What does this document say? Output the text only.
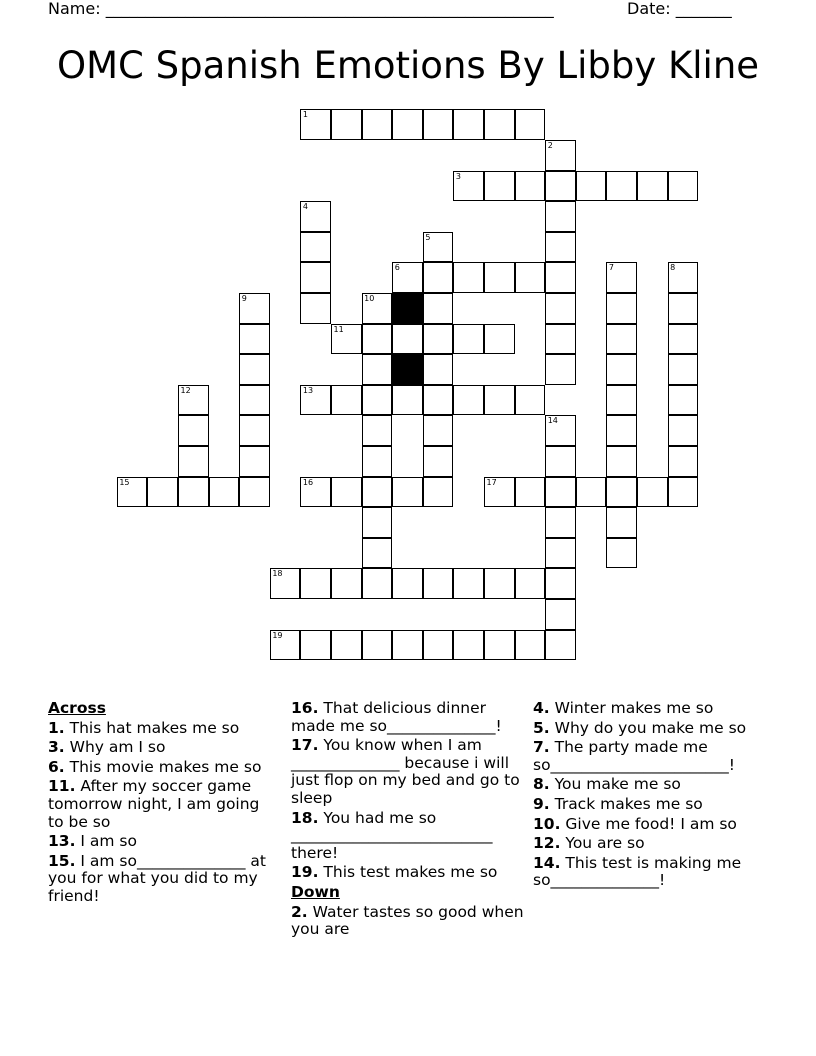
Name: ________________________________________________________	Date: _______
OMC Spanish Emotions By Libby Kline
1
2
3
4
5
6	7	8
9	10
11
12	13
14
15	16	17
18
19
Across
1. This hat makes me so
3. Why am I so
6. This movie makes me so
11. After my soccer game tomorrow night, I am going to be so
13. I am so
15. I am so______________ at you for what you did to my friend!
16. That delicious dinner made me so______________!
17. You know when I am ______________ because i will just flop on my bed and go to sleep
18. You had me so __________________________ there!
19. This test makes me so
Down
2. Water tastes so good when you are
4. Winter makes me so
5. Why do you make me so
7. The party made me so_______________________!
8. You make me so
9. Track makes me so
10. Give me food! I am so
12. You are so
14. This test is making me so______________!
